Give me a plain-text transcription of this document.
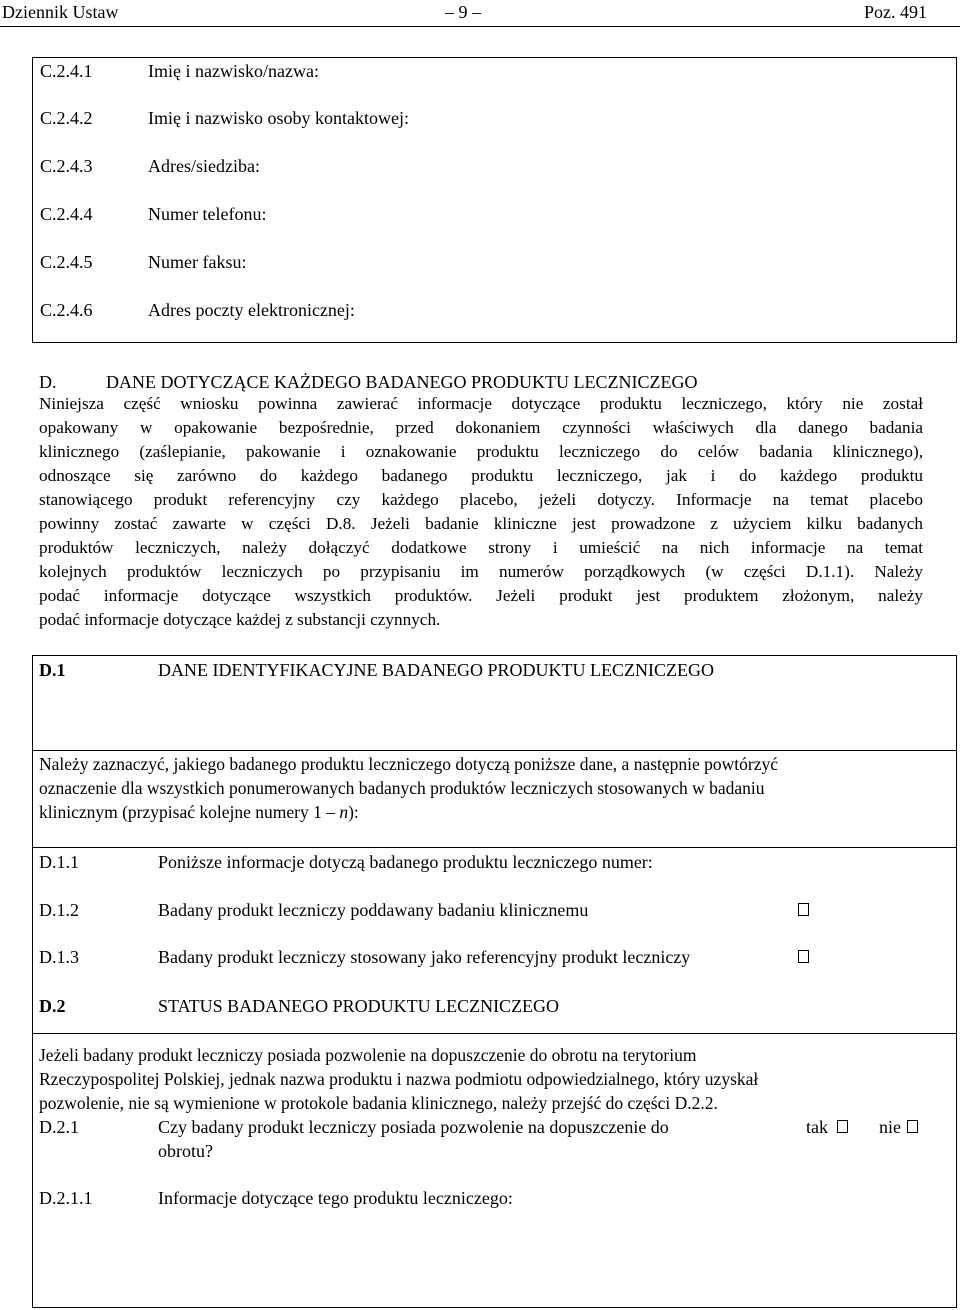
Dziennik Ustaw	– 9 –	Poz. 491
C.2.4.1	Imię i nazwisko/nazwa:
C.2.4.2	Imię i nazwisko osoby kontaktowej:
C.2.4.3	Adres/siedziba:
C.2.4.4	Numer telefonu:
C.2.4.5	Numer faksu:
C.2.4.6	Adres poczty elektronicznej:
D.	DANE DOTYCZĄCE KAŻDEGO BADANEGO PRODUKTU LECZNICZEGO
Niniejsza część wniosku powinna zawierać informacje dotyczące produktu leczniczego, który nie został
opakowany w opakowanie bezpośrednie, przed dokonaniem czynności właściwych dla danego badania
klinicznego (zaślepianie, pakowanie i oznakowanie produktu leczniczego do celów badania klinicznego),
odnoszące się zarówno do każdego badanego produktu leczniczego, jak i do każdego produktu
stanowiącego produkt referencyjny czy każdego placebo, jeżeli dotyczy. Informacje na temat placebo
powinny zostać zawarte w części D.8. Jeżeli badanie kliniczne jest prowadzone z użyciem kilku badanych
produktów leczniczych, należy dołączyć dodatkowe strony i umieścić na nich informacje na temat
kolejnych produktów leczniczych po przypisaniu im numerów porządkowych (w części D.1.1). Należy
podać informacje dotyczące wszystkich produktów. Jeżeli produkt jest produktem złożonym, należy
podać informacje dotyczące każdej z substancji czynnych.
D.1	DANE IDENTYFIKACYJNE BADANEGO PRODUKTU LECZNICZEGO
Należy zaznaczyć, jakiego badanego produktu leczniczego dotyczą poniższe dane, a następnie powtórzyć
oznaczenie dla wszystkich ponumerowanych badanych produktów leczniczych stosowanych w badaniu
klinicznym (przypisać kolejne numery 1 – n):
D.1.1	Poniższe informacje dotyczą badanego produktu leczniczego numer:
D.1.2	Badany produkt leczniczy poddawany badaniu klinicznemu
D.1.3	Badany produkt leczniczy stosowany jako referencyjny produkt leczniczy
D.2	STATUS BADANEGO PRODUKTU LECZNICZEGO
Jeżeli badany produkt leczniczy posiada pozwolenie na dopuszczenie do obrotu na terytorium
Rzeczypospolitej Polskiej, jednak nazwa produktu i nazwa podmiotu odpowiedzialnego, który uzyskał
pozwolenie, nie są wymienione w protokole badania klinicznego, należy przejść do części D.2.2.
D.2.1	Czy badany produkt leczniczy posiada pozwolenie na dopuszczenie do
obrotu?
tak	nie
D.2.1.1	Informacje dotyczące tego produktu leczniczego:
